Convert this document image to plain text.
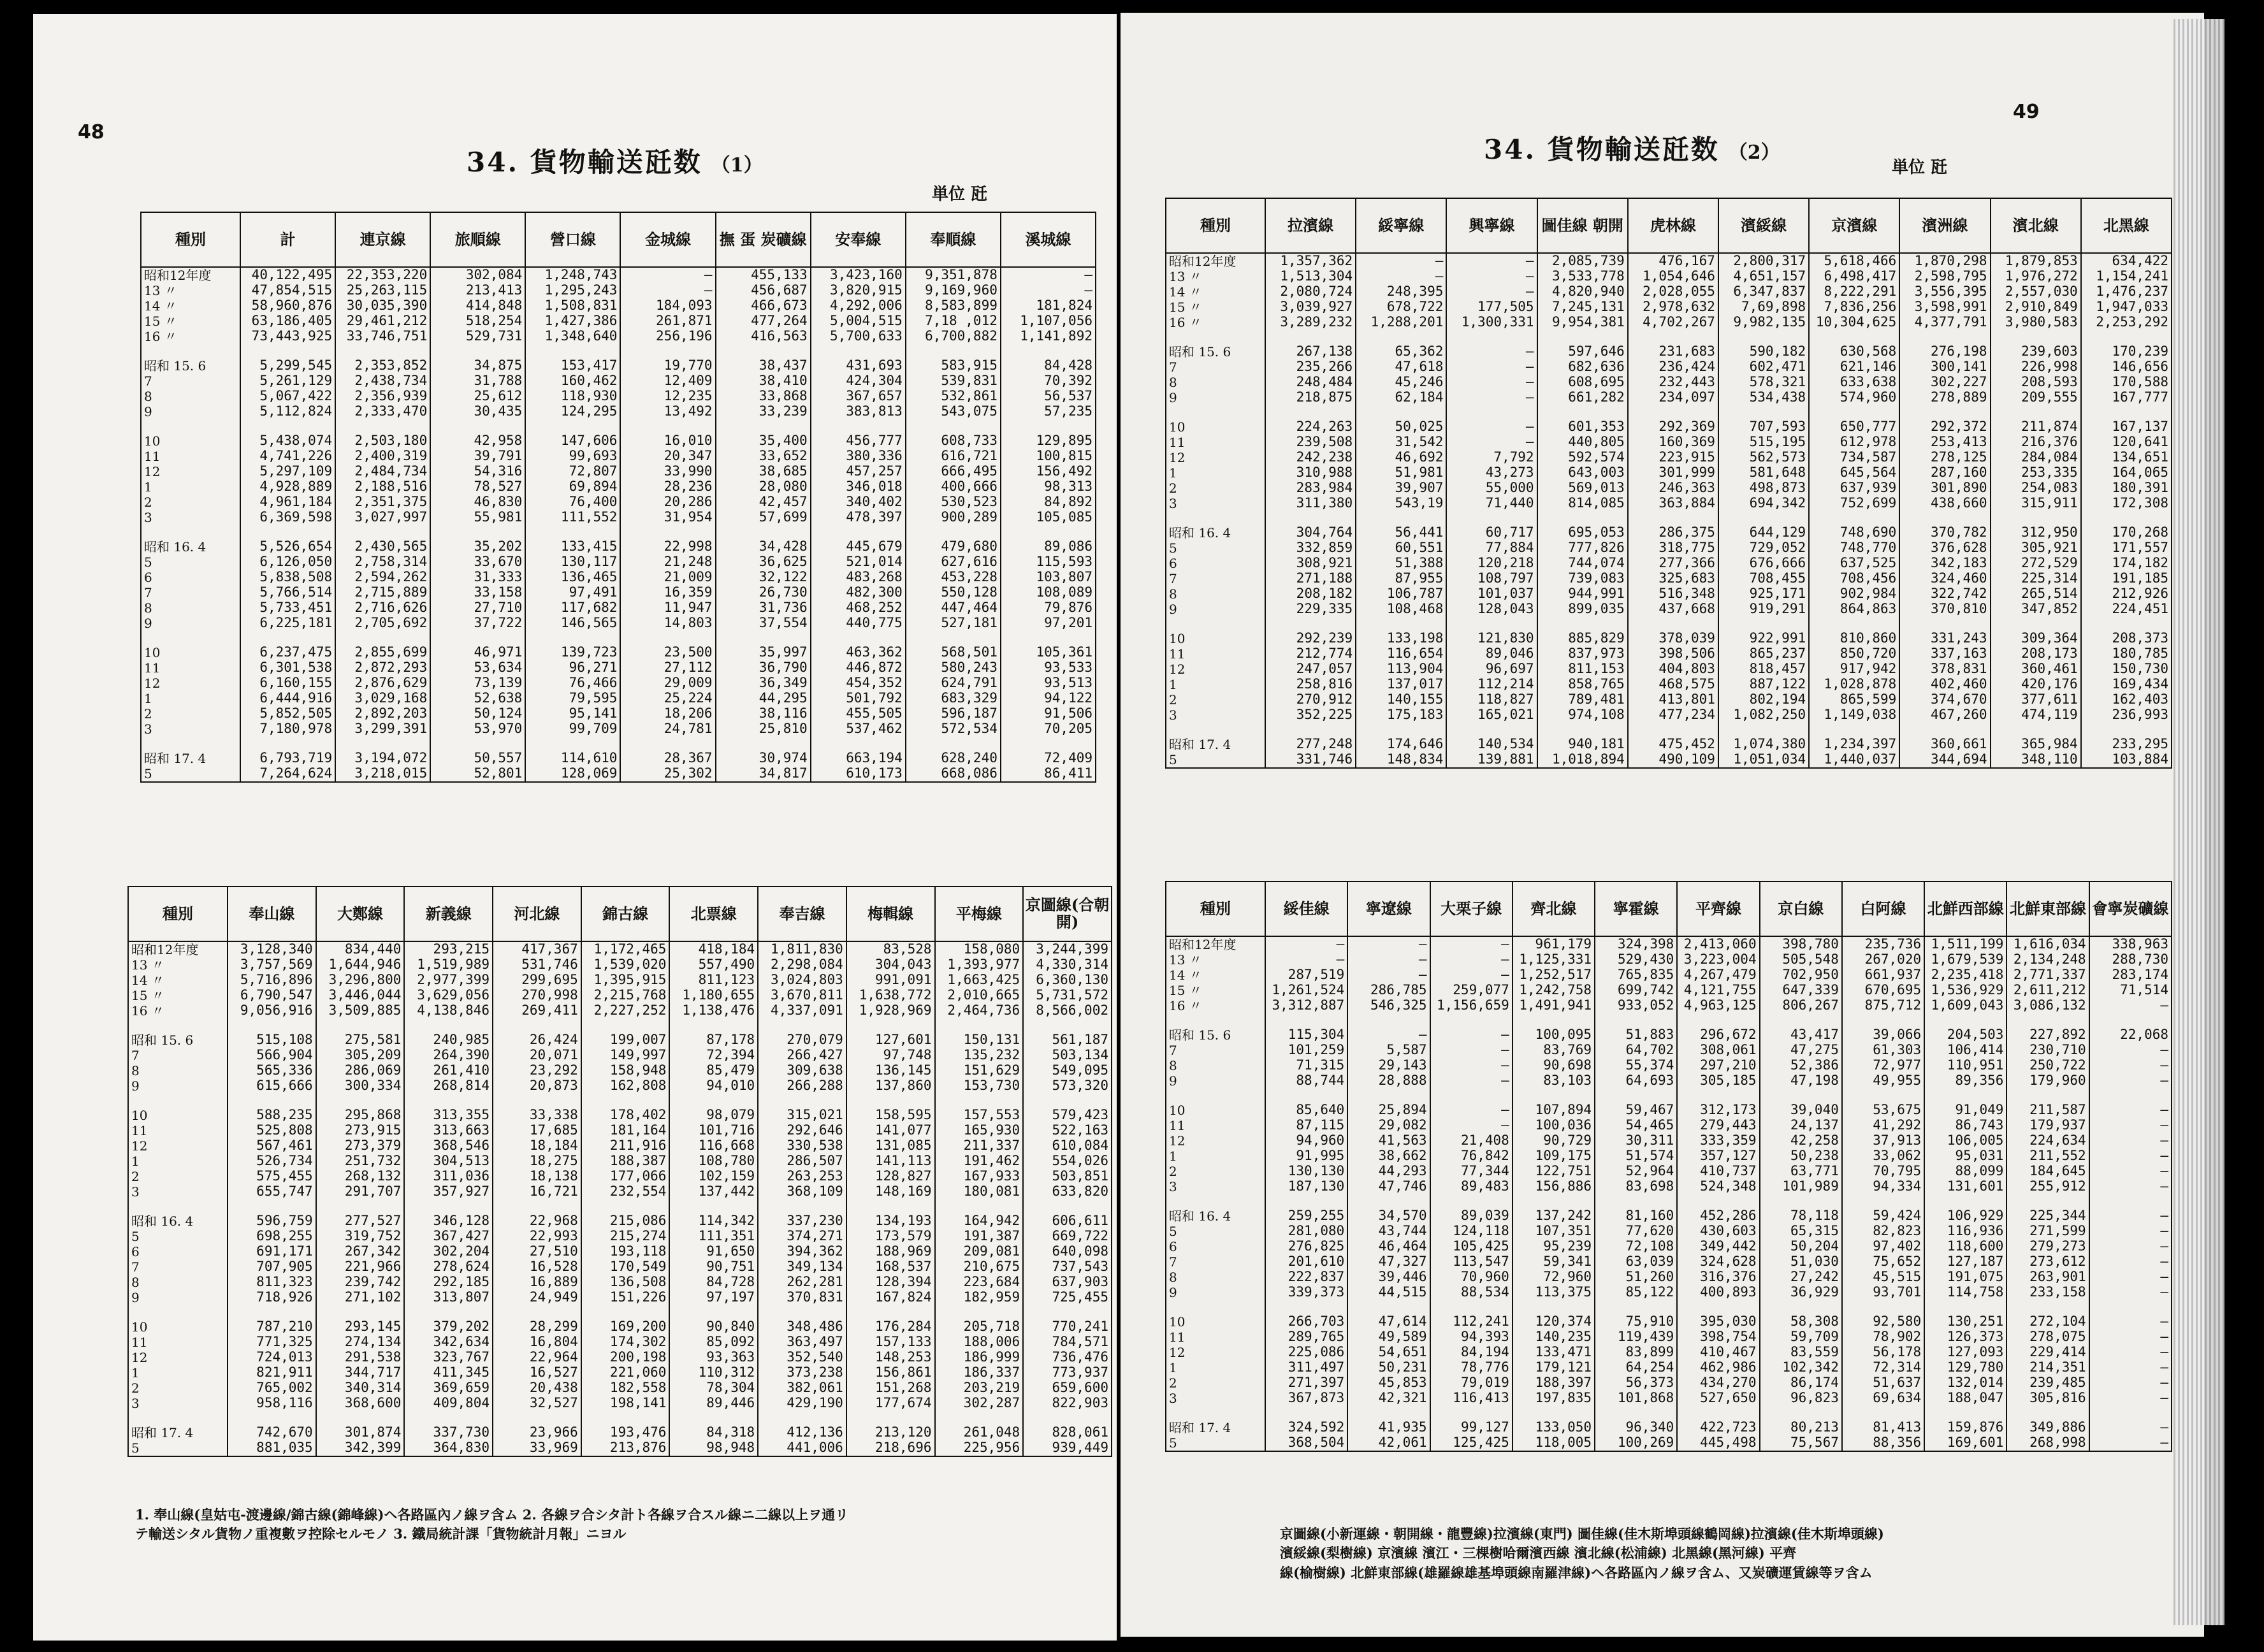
48
34. 貨物輸送瓩数 （1）
単位 瓩
種別	計	連京線	旅順線	營口線	金城線	撫 蛋 炭礦線	安奉線	奉順線	溪城線
昭和12年度	40,122,495	22,353,220	302,084	1,248,743	—	455,133	3,423,160	9,351,878	—
13 〃	47,854,515	25,263,115	213,413	1,295,243	—	456,687	3,820,915	9,169,960	—
14 〃	58,960,876	30,035,390	414,848	1,508,831	184,093	466,673	4,292,006	8,583,899	181,824
15 〃	63,186,405	29,461,212	518,254	1,427,386	261,871	477,264	5,004,515	7,18 ,012	1,107,056
16 〃	73,443,925	33,746,751	529,731	1,348,640	256,196	416,563	5,700,633	6,700,882	1,141,892

昭和 15. 6	5,299,545	2,353,852	34,875	153,417	19,770	38,437	431,693	583,915	84,428
7	5,261,129	2,438,734	31,788	160,462	12,409	38,410	424,304	539,831	70,392
8	5,067,422	2,356,939	25,612	118,930	12,235	33,868	367,657	532,861	56,537
9	5,112,824	2,333,470	30,435	124,295	13,492	33,239	383,813	543,075	57,235

10	5,438,074	2,503,180	42,958	147,606	16,010	35,400	456,777	608,733	129,895
11	4,741,226	2,400,319	39,791	99,693	20,347	33,652	380,336	616,721	100,815
12	5,297,109	2,484,734	54,316	72,807	33,990	38,685	457,257	666,495	156,492
1	4,928,889	2,188,516	78,527	69,894	28,236	28,080	346,018	400,666	98,313
2	4,961,184	2,351,375	46,830	76,400	20,286	42,457	340,402	530,523	84,892
3	6,369,598	3,027,997	55,981	111,552	31,954	57,699	478,397	900,289	105,085

昭和 16. 4	5,526,654	2,430,565	35,202	133,415	22,998	34,428	445,679	479,680	89,086
5	6,126,050	2,758,314	33,670	130,117	21,248	36,625	521,014	627,616	115,593
6	5,838,508	2,594,262	31,333	136,465	21,009	32,122	483,268	453,228	103,807
7	5,766,514	2,715,889	33,158	97,491	16,359	26,730	482,300	550,128	108,089
8	5,733,451	2,716,626	27,710	117,682	11,947	31,736	468,252	447,464	79,876
9	6,225,181	2,705,692	37,722	146,565	14,803	37,554	440,775	527,181	97,201

10	6,237,475	2,855,699	46,971	139,723	23,500	35,997	463,362	568,501	105,361
11	6,301,538	2,872,293	53,634	96,271	27,112	36,790	446,872	580,243	93,533
12	6,160,155	2,876,629	73,139	76,466	29,009	36,349	454,352	624,791	93,513
1	6,444,916	3,029,168	52,638	79,595	25,224	44,295	501,792	683,329	94,122
2	5,852,505	2,892,203	50,124	95,141	18,206	38,116	455,505	596,187	91,506
3	7,180,978	3,299,391	53,970	99,709	24,781	25,810	537,462	572,534	70,205

昭和 17. 4	6,793,719	3,194,072	50,557	114,610	28,367	30,974	663,194	628,240	72,409
5	7,264,624	3,218,015	52,801	128,069	25,302	34,817	610,173	668,086	86,411
種別	奉山線	大鄭線	新義線	河北線	錦古線	北票線	奉吉線	梅輯線	平梅線	京圖線(合朝開)
昭和12年度	3,128,340	834,440	293,215	417,367	1,172,465	418,184	1,811,830	83,528	158,080	3,244,399
13 〃	3,757,569	1,644,946	1,519,989	531,746	1,539,020	557,490	2,298,084	304,043	1,393,977	4,330,314
14 〃	5,716,896	3,296,800	2,977,399	299,695	1,395,915	811,123	3,024,803	991,091	1,663,425	6,360,130
15 〃	6,790,547	3,446,044	3,629,056	270,998	2,215,768	1,180,655	3,670,811	1,638,772	2,010,665	5,731,572
16 〃	9,056,916	3,509,885	4,138,846	269,411	2,227,252	1,138,476	4,337,091	1,928,969	2,464,736	8,566,002

昭和 15. 6	515,108	275,581	240,985	26,424	199,007	87,178	270,079	127,601	150,131	561,187
7	566,904	305,209	264,390	20,071	149,997	72,394	266,427	97,748	135,232	503,134
8	565,336	286,069	261,410	23,292	158,948	85,479	309,638	136,145	151,629	549,095
9	615,666	300,334	268,814	20,873	162,808	94,010	266,288	137,860	153,730	573,320

10	588,235	295,868	313,355	33,338	178,402	98,079	315,021	158,595	157,553	579,423
11	525,808	273,915	313,663	17,685	181,164	101,716	292,646	141,077	165,930	522,163
12	567,461	273,379	368,546	18,184	211,916	116,668	330,538	131,085	211,337	610,084
1	526,734	251,732	304,513	18,275	188,387	108,780	286,507	141,113	191,462	554,026
2	575,455	268,132	311,036	18,138	177,066	102,159	263,253	128,827	167,933	503,851
3	655,747	291,707	357,927	16,721	232,554	137,442	368,109	148,169	180,081	633,820

昭和 16. 4	596,759	277,527	346,128	22,968	215,086	114,342	337,230	134,193	164,942	606,611
5	698,255	319,752	367,427	22,993	215,274	111,351	374,271	173,579	191,387	669,722
6	691,171	267,342	302,204	27,510	193,118	91,650	394,362	188,969	209,081	640,098
7	707,905	221,966	278,624	16,528	170,549	90,751	349,134	168,537	210,675	737,543
8	811,323	239,742	292,185	16,889	136,508	84,728	262,281	128,394	223,684	637,903
9	718,926	271,102	313,807	24,949	151,226	97,197	370,831	167,824	182,959	725,455

10	787,210	293,145	379,202	28,299	169,200	90,840	348,486	176,284	205,718	770,241
11	771,325	274,134	342,634	16,804	174,302	85,092	363,497	157,133	188,006	784,571
12	724,013	291,538	323,767	22,964	200,198	93,363	352,540	148,253	186,999	736,476
1	821,911	344,717	411,345	16,527	221,060	110,312	373,238	156,861	186,337	773,937
2	765,002	340,314	369,659	20,438	182,558	78,304	382,061	151,268	203,219	659,600
3	958,116	368,600	409,804	32,527	198,141	89,446	429,190	177,674	302,287	822,903

昭和 17. 4	742,670	301,874	337,730	23,966	193,476	84,318	412,136	213,120	261,048	828,061
5	881,035	342,399	364,830	33,969	213,876	98,948	441,006	218,696	225,956	939,449
1. 奉山線(皇姑屯-渡邊線/錦古線(錦峰線)ヘ各路區內ノ線ヲ含ム 2. 各線ヲ合シタ計ト各線ヲ合スル線ニ二線以上ヲ通リ
テ輸送シタル貨物ノ重複數ヲ控除セルモノ 3. 鐵局統計課「貨物統計月報」ニヨル
49
34. 貨物輸送瓩数 （2）
単位 瓩
種別	拉濱線	綏寧線	興寧線	圖佳線 朝開	虎林線	濱綏線	京濱線	濱洲線	濱北線	北黑線
昭和12年度	1,357,362	—	—	2,085,739	476,167	2,800,317	5,618,466	1,870,298	1,879,853	634,422
13 〃	1,513,304	—	—	3,533,778	1,054,646	4,651,157	6,498,417	2,598,795	1,976,272	1,154,241
14 〃	2,080,724	248,395	—	4,820,940	2,028,055	6,347,837	8,222,291	3,556,395	2,557,030	1,476,237
15 〃	3,039,927	678,722	177,505	7,245,131	2,978,632	7,69,898	7,836,256	3,598,991	2,910,849	1,947,033
16 〃	3,289,232	1,288,201	1,300,331	9,954,381	4,702,267	9,982,135	10,304,625	4,377,791	3,980,583	2,253,292

昭和 15. 6	267,138	65,362	—	597,646	231,683	590,182	630,568	276,198	239,603	170,239
7	235,266	47,618	—	682,636	236,424	602,471	621,146	300,141	226,998	146,656
8	248,484	45,246	—	608,695	232,443	578,321	633,638	302,227	208,593	170,588
9	218,875	62,184	—	661,282	234,097	534,438	574,960	278,889	209,555	167,777

10	224,263	50,025	—	601,353	292,369	707,593	650,777	292,372	211,874	167,137
11	239,508	31,542	—	440,805	160,369	515,195	612,978	253,413	216,376	120,641
12	242,238	46,692	7,792	592,574	223,915	562,573	734,587	278,125	284,084	134,651
1	310,988	51,981	43,273	643,003	301,999	581,648	645,564	287,160	253,335	164,065
2	283,984	39,907	55,000	569,013	246,363	498,873	637,939	301,890	254,083	180,391
3	311,380	543,19	71,440	814,085	363,884	694,342	752,699	438,660	315,911	172,308

昭和 16. 4	304,764	56,441	60,717	695,053	286,375	644,129	748,690	370,782	312,950	170,268
5	332,859	60,551	77,884	777,826	318,775	729,052	748,770	376,628	305,921	171,557
6	308,921	51,388	120,218	744,074	277,366	676,666	637,525	342,183	272,529	174,182
7	271,188	87,955	108,797	739,083	325,683	708,455	708,456	324,460	225,314	191,185
8	208,182	106,787	101,037	944,991	516,348	925,171	902,984	322,742	265,514	212,926
9	229,335	108,468	128,043	899,035	437,668	919,291	864,863	370,810	347,852	224,451

10	292,239	133,198	121,830	885,829	378,039	922,991	810,860	331,243	309,364	208,373
11	212,774	116,654	89,046	837,973	398,506	865,237	850,720	337,163	208,173	180,785
12	247,057	113,904	96,697	811,153	404,803	818,457	917,942	378,831	360,461	150,730
1	258,816	137,017	112,214	858,765	468,575	887,122	1,028,878	402,460	420,176	169,434
2	270,912	140,155	118,827	789,481	413,801	802,194	865,599	374,670	377,611	162,403
3	352,225	175,183	165,021	974,108	477,234	1,082,250	1,149,038	467,260	474,119	236,993

昭和 17. 4	277,248	174,646	140,534	940,181	475,452	1,074,380	1,234,397	360,661	365,984	233,295
5	331,746	148,834	139,881	1,018,894	490,109	1,051,034	1,440,037	344,694	348,110	103,884
種別	綏佳線	寧遼線	大栗子線	齊北線	寧霍線	平齊線	京白線	白阿線	北鮮西部線	北鮮東部線	會寧炭礦線
昭和12年度	—	—	—	961,179	324,398	2,413,060	398,780	235,736	1,511,199	1,616,034	338,963
13 〃	—	—	—	1,125,331	529,430	3,223,004	505,548	267,020	1,679,539	2,134,248	288,730
14 〃	287,519	—	—	1,252,517	765,835	4,267,479	702,950	661,937	2,235,418	2,771,337	283,174
15 〃	1,261,524	286,785	259,077	1,242,758	699,742	4,121,755	647,339	670,695	1,536,929	2,611,212	71,514
16 〃	3,312,887	546,325	1,156,659	1,491,941	933,052	4,963,125	806,267	875,712	1,609,043	3,086,132	—

昭和 15. 6	115,304	—	—	100,095	51,883	296,672	43,417	39,066	204,503	227,892	22,068
7	101,259	5,587	—	83,769	64,702	308,061	47,275	61,303	106,414	230,710	—
8	71,315	29,143	—	90,698	55,374	297,210	52,386	72,977	110,951	250,722	—
9	88,744	28,888	—	83,103	64,693	305,185	47,198	49,955	89,356	179,960	—

10	85,640	25,894	—	107,894	59,467	312,173	39,040	53,675	91,049	211,587	—
11	87,115	29,082	—	100,036	54,465	279,443	24,137	41,292	86,743	179,937	—
12	94,960	41,563	21,408	90,729	30,311	333,359	42,258	37,913	106,005	224,634	—
1	91,995	38,662	76,842	109,175	51,574	357,127	50,238	33,062	95,031	211,552	—
2	130,130	44,293	77,344	122,751	52,964	410,737	63,771	70,795	88,099	184,645	—
3	187,130	47,746	89,483	156,886	83,698	524,348	101,989	94,334	131,601	255,912	—

昭和 16. 4	259,255	34,570	89,039	137,242	81,160	452,286	78,118	59,424	106,929	225,344	—
5	281,080	43,744	124,118	107,351	77,620	430,603	65,315	82,823	116,936	271,599	—
6	276,825	46,464	105,425	95,239	72,108	349,442	50,204	97,402	118,600	279,273	—
7	201,610	47,327	113,547	59,341	63,039	324,628	51,030	75,652	127,187	273,612	—
8	222,837	39,446	70,960	72,960	51,260	316,376	27,242	45,515	191,075	263,901	—
9	339,373	44,515	88,534	113,375	85,122	400,893	36,929	93,701	114,758	233,158	—

10	266,703	47,614	112,241	120,374	75,910	395,030	58,308	92,580	130,251	272,104	—
11	289,765	49,589	94,393	140,235	119,439	398,754	59,709	78,902	126,373	278,075	—
12	225,086	54,651	84,194	133,471	83,899	410,467	83,559	56,178	127,093	229,414	—
1	311,497	50,231	78,776	179,121	64,254	462,986	102,342	72,314	129,780	214,351	—
2	271,397	45,853	79,019	188,397	56,373	434,270	86,174	51,637	132,014	239,485	—
3	367,873	42,321	116,413	197,835	101,868	527,650	96,823	69,634	188,047	305,816	—

昭和 17. 4	324,592	41,935	99,127	133,050	96,340	422,723	80,213	81,413	159,876	349,886	—
5	368,504	42,061	125,425	118,005	100,269	445,498	75,567	88,356	169,601	268,998	—
京圖線(小新運線・朝開線・龍豐線)拉濱線(東門) 圖佳線(佳木斯埠頭線鶴岡線)拉濱線(佳木斯埠頭線)
濱綏線(梨樹線) 京濱線 濱江・三棵樹哈爾濱西線 濱北線(松浦線) 北黑線(黑河線) 平齊
線(榆樹線) 北鮮東部線(雄羅線雄基埠頭線南羅津線)ヘ各路區內ノ線ヲ含ム、又炭礦運賃線等ヲ含ム
